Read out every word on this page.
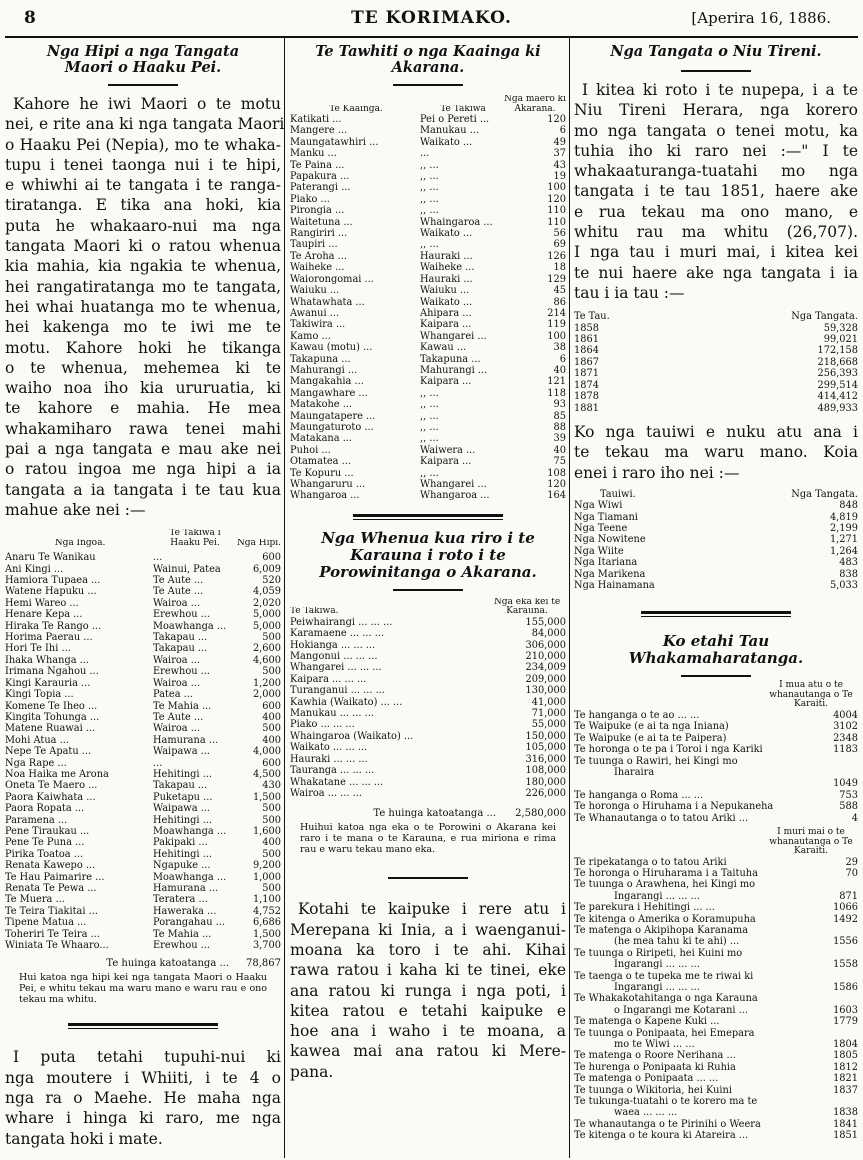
8	TE KORIMAKO.	[Aperira 16, 1886.
Nga Hipi a nga Tangata Maori o Haaku Pei.
Kahore he iwi Maori o te motu
nei, e rite ana ki nga tangata Maori
o Haaku Pei (Nepia), mo te whaka-
tupu i tenei taonga nui i te hipi,
e whiwhi ai te tangata i te ranga-
tiratanga. E tika ana hoki, kia
puta he whakaaro-nui ma nga
tangata Maori ki o ratou whenua
kia mahia, kia ngakia te whenua,
hei rangatiratanga mo te tangata,
hei whai huatanga mo te whenua,
hei kakenga mo te iwi me te
motu. Kahore hoki he tikanga
o te whenua, mehemea ki te
waiho noa iho kia ururuatia, ki
te kahore e mahia. He mea
whakamiharo rawa tenei mahi
pai a nga tangata e mau ake nei
o ratou ingoa me nga hipi a ia
tangata a ia tangata i te tau kua
mahue ake nei :—
Nga Ingoa.
Te Takiwa i Haaku Pei.	Nga Hipi.
Anaru Te Wanikau	...	600
Ani Kingi ...	Wainui, Patea	6,009
Hamiora Tupaea ...	Te Aute ...	520
Watene Hapuku ...	Te Aute ...	4,059
Hemi Wareo ...	Wairoa ...	2,020
Henare Kepa ...	Erewhou ...	5,000
Hiraka Te Rango ...	Moawhanga ...	5,000
Horima Paerau ...	Takapau ...	500
Hori Te Ihi ...	Takapau ...	2,600
Ihaka Whanga ...	Wairoa ...	4,600
Irimana Ngahou ...	Erewhou ...	500
Kingi Karauria ...	Wairoa ...	1,200
Kingi Topia ...	Patea ...	2,000
Komene Te Iheo ...	Te Mahia ...	600
Kingita Tohunga ...	Te Aute ...	400
Matene Ruawai ...	Wairoa ...	500
Mohi Atua ...	Hamurana ...	400
Nepe Te Apatu ...	Waipawa ...	4,000
Nga Rape ...	...	600
Noa Haika me Arona	Hehitingi ...	4,500
Oneta Te Maero ...	Takapau ...	430
Paora Kaiwhata ...	Puketapu ...	1,500
Paora Ropata ...	Waipawa ...	500
Paramena ...	Hehitingi ...	500
Pene Tiraukau ...	Moawhanga ...	1,600
Pene Te Puna ...	Pakipaki ...	400
Pirika Toatoa ...	Hehitingi ...	500
Renata Kawepo ...	Ngapuke ...	9,200
Te Hau Paimarire ...	Moawhanga ...	1,000
Renata Te Pewa ...	Hamurana ...	500
Te Muera ...	Teratera ...	1,100
Te Teira Tiakitai ...	Haweraka ...	4,752
Tipene Matua ...	Porangahau ...	6,686
Toheriri Te Teira ...	Te Mahia ...	1,500
Winiata Te Whaaro...	Erewhou ...	3,700
Te huinga katoatanga ...	78,867
Hui katoa nga hipi kei nga tangata Maori o Haaku Pei, e whitu tekau ma waru mano e waru rau e ono tekau ma whitu.
I puta tetahi tupuhi-nui ki
nga moutere i Whiiti, i te 4 o
nga ra o Maehe. He maha nga
whare i hinga ki raro, me nga
tangata hoki i mate.
Te Tawhiti o nga Kaainga ki Akarana.
Te Kaainga.	Te Takiwa
Nga maero ki Akarana.
Katikati ...	Pei o Pereti ...	120
Mangere ...	Manukau ...	6
Maungatawhiri ...	Waikato ...	49
Manku ...	...	37
Te Paina ...	,, ...	43
Papakura ...	,, ...	19
Paterangi ...	,, ...	100
Piako ...	,, ...	120
Pirongia ...	,, ...	110
Waitetuna ...	Whaingaroa ...	110
Rangiriri ...	Waikato ...	56
Taupiri ...	,, ...	69
Te Aroha ...	Hauraki ...	126
Waiheke ...	Waiheke ...	18
Waiorongomai ...	Hauraki ...	129
Waiuku ...	Waiuku ...	45
Whatawhata ...	Waikato ...	86
Awanui ...	Ahipara ...	214
Takiwira ...	Kaipara ...	119
Kamo ...	Whangarei ...	100
Kawau (motu) ...	Kawau ...	38
Takapuna ...	Takapuna ...	6
Mahurangi ...	Mahurangi ...	40
Mangakahia ...	Kaipara ...	121
Mangawhare ...	,, ...	118
Matakohe ...	,, ...	93
Maungatapere ...	,, ...	85
Maungaturoto ...	,, ...	88
Matakana ...	,, ...	39
Puhoi ...	Waiwera ...	40
Otamatea ...	Kaipara ...	75
Te Kopuru ...	,, ...	108
Whangaruru ...	Whangarei ...	120
Whangaroa ...	Whangaroa ...	164
Nga Whenua kua riro i te Karauna i roto i te Porowinitanga o Akarana.
Te Takiwa.
Nga eka kei te Karauna.
Peiwhairangi ... ... ...	155,000
Karamaene ... ... ...	84,000
Hokianga ... ... ...	306,000
Mangonui ... ... ...	210,000
Whangarei ... ... ...	234,009
Kaipara ... ... ...	209,000
Turanganui ... ... ...	130,000
Kawhia (Waikato) ... ...	41,000
Manukau ... ... ...	71,000
Piako ... ... ...	55,000
Whaingaroa (Waikato) ...	150,000
Waikato ... ... ...	105,000
Hauraki ... ... ...	316,000
Tauranga ... ... ...	108,000
Whakatane ... ... ...	180,000
Wairoa ... ... ...	226,000
Te huinga katoatanga ...	2,580,000
Huihui katoa nga eka o te Porowini o Akarana kei raro i te mana o te Karauna, e rua miriona e rima rau e waru tekau mano eka.
Kotahi te kaipuke i rere atu i
Merepana ki Inia, a i waenganui-
moana ka toro i te ahi. Kihai
rawa ratou i kaha ki te tinei, eke
ana ratou ki runga i nga poti, i
kitea ratou e tetahi kaipuke e
hoe ana i waho i te moana, a
kawea mai ana ratou ki Mere-
pana.
Nga Tangata o Niu Tireni.
I kitea ki roto i te nupepa, i a te
Niu Tireni Herara, nga korero
mo nga tangata o tenei motu, ka
tuhia iho ki raro nei :—" I te
whakaaturanga-tuatahi mo nga
tangata i te tau 1851, haere ake
e rua tekau ma ono mano, e
whitu rau ma whitu (26,707).
I nga tau i muri mai, i kitea kei
te nui haere ake nga tangata i ia
tau i ia tau :—
Te Tau.	Nga Tangata.
1858	59,328
1861	99,021
1864	172,158
1867	218,668
1871	256,393
1874	299,514
1878	414,412
1881	489,933
Ko nga tauiwi e nuku atu ana i
te tekau ma waru mano. Koia
enei i raro iho nei :—
Tauiwi.	Nga Tangata.
Nga Wiwi	848
Nga Tiamani	4,819
Nga Teene	2,199
Nga Nowitene	1,271
Nga Wiite	1,264
Nga Itariana	483
Nga Marikena	838
Nga Hainamana	5,033
Ko etahi Tau Whakamaharatanga.
I mua atu o te whanautanga o Te Karaiti.
Te hanganga o te ao ... ...	4004
Te Waipuke (e ai ta nga Iniana)	3102
Te Waipuke (e ai ta te Paipera)	2348
Te horonga o te pa i Toroi i nga Kariki	1183
Te tuunga o Rawiri, hei Kingi mo
Iharaira
1049
Te hanganga o Roma ... ...	753
Te horonga o Hiruhama i a Nepukaneha	588
Te Whanautanga o to tatou Ariki ...	4
I muri mai o te whanautanga o Te Karaiti.
Te ripekatanga o to tatou Ariki	29
Te horonga o Hiruharama i a Taituha	70
Te tuunga o Arawhena, hei Kingi mo
Ingarangi ... ... ...	871
Te parekura i Hehitingi ... ...	1066
Te kitenga o Amerika o Koramupuha	1492
Te matenga o Akipihopa Karanama
(he mea tahu ki te ahi) ...	1556
Te tuunga o Riripeti, hei Kuini mo
Ingarangi ... ... ...	1558
Te taenga o te tupeka me te riwai ki
Ingarangi ... ... ...	1586
Te Whakakotahitanga o nga Karauna
o Ingarangi me Kotarani ...	1603
Te matenga o Kapene Kuki ...	1779
Te tuunga o Ponipaata, hei Emepara
mo te Wiwi ... ...	1804
Te matenga o Roore Nerihana ...	1805
Te hurenga o Ponipaata ki Ruhia	1812
Te matenga o Ponipaata ... ...	1821
Te tuunga o Wikitoria, hei Kuini	1837
Te tukunga-tuatahi o te korero ma te
waea ... ... ...	1838
Te whanautanga o te Pirinihi o Weera	1841
Te kitenga o te koura ki Atareira ...	1851
